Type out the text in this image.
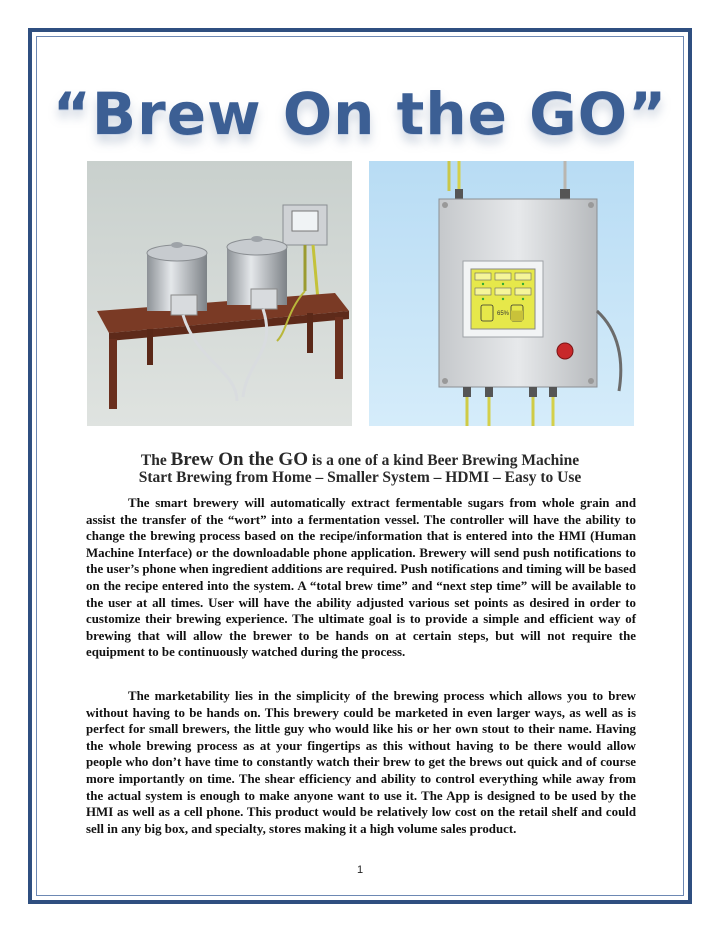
“Brew On the GO”
65%
The Brew On the GO is a one of a kind Beer Brewing Machine
Start Brewing from Home – Smaller System – HDMI – Easy to Use

The smart brewery will automatically extract fermentable sugars from whole grain and assist the transfer of the “wort” into a fermentation vessel. The controller will have the ability to change the brewing process based on the recipe/information that is entered into the HMI (Human Machine Interface) or the downloadable phone application. Brewery will send push notifications to the user’s phone when ingredient additions are required. Push notifications and timing will be based on the recipe entered into the system. A “total brew time” and “next step time” will be available to the user at all times. User will have the ability adjusted various set points as desired in order to customize their brewing experience. The ultimate goal is to provide a simple and efficient way of brewing that will allow the brewer to be hands on at certain steps, but will not require the equipment to be continuously watched during the process.

The marketability lies in the simplicity of the brewing process which allows you to brew without having to be hands on. This brewery could be marketed in even larger ways, as well as is perfect for small brewers, the little guy who would like his or her own stout to their name. Having the whole brewing process as at your fingertips as this without having to be there would allow people who don’t have time to constantly watch their brew to get the brews out quick and of course more importantly on time. The shear efficiency and ability to control everything while away from the actual system is enough to make anyone want to use it. The App is designed to be used by the HMI as well as a cell phone. This product would be relatively low cost on the retail shelf and could sell in any big box, and specialty, stores making it a high volume sales product.

1
